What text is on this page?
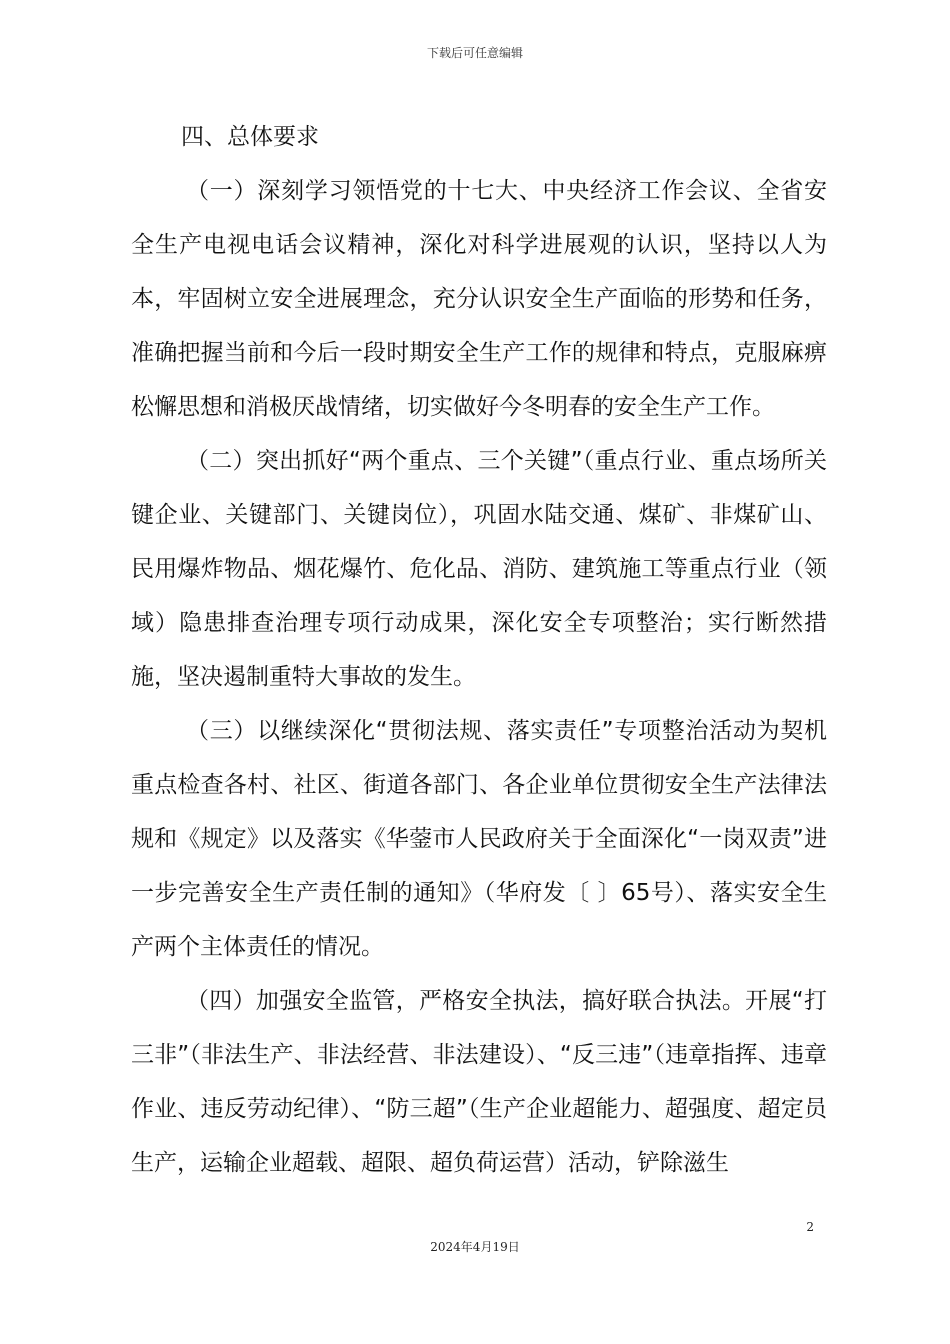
下载后可任意编辑
四、总体要求

（一）深刻学习领悟党的十七大、中央经济工作会议、全省安全生产电视电话会议精神，深化对科学进展观的认识，坚持以人为本，牢固树立安全进展理念，充分认识安全生产面临的形势和任务，准确把握当前和今后一段时期安全生产工作的规律和特点，克服麻痹松懈思想和消极厌战情绪，切实做好今冬明春的安全生产工作。

（二）突出抓好“两个重点、三个关键”（重点行业、重点场所关键企业、关键部门、关键岗位），巩固水陆交通、煤矿、非煤矿山、民用爆炸物品、烟花爆竹、危化品、消防、建筑施工等重点行业（领域）隐患排查治理专项行动成果，深化安全专项整治；实行断然措施，坚决遏制重特大事故的发生。

（三）以继续深化“贯彻法规、落实责任”专项整治活动为契机重点检查各村、社区、街道各部门、各企业单位贯彻安全生产法律法规和《规定》以及落实《华蓥市人民政府关于全面深化“一岗双责”进一步完善安全生产责任制的通知》（华府发〔 〕65号）、落实安全生产两个主体责任的情况。

（四）加强安全监管，严格安全执法，搞好联合执法。开展“打三非”（非法生产、非法经营、非法建设）、“反三违”（违章指挥、违章作业、违反劳动纪律）、“防三超”（生产企业超能力、超强度、超定员生产，运输企业超载、超限、超负荷运营）活动，铲除滋生

2
2024年4月19日
